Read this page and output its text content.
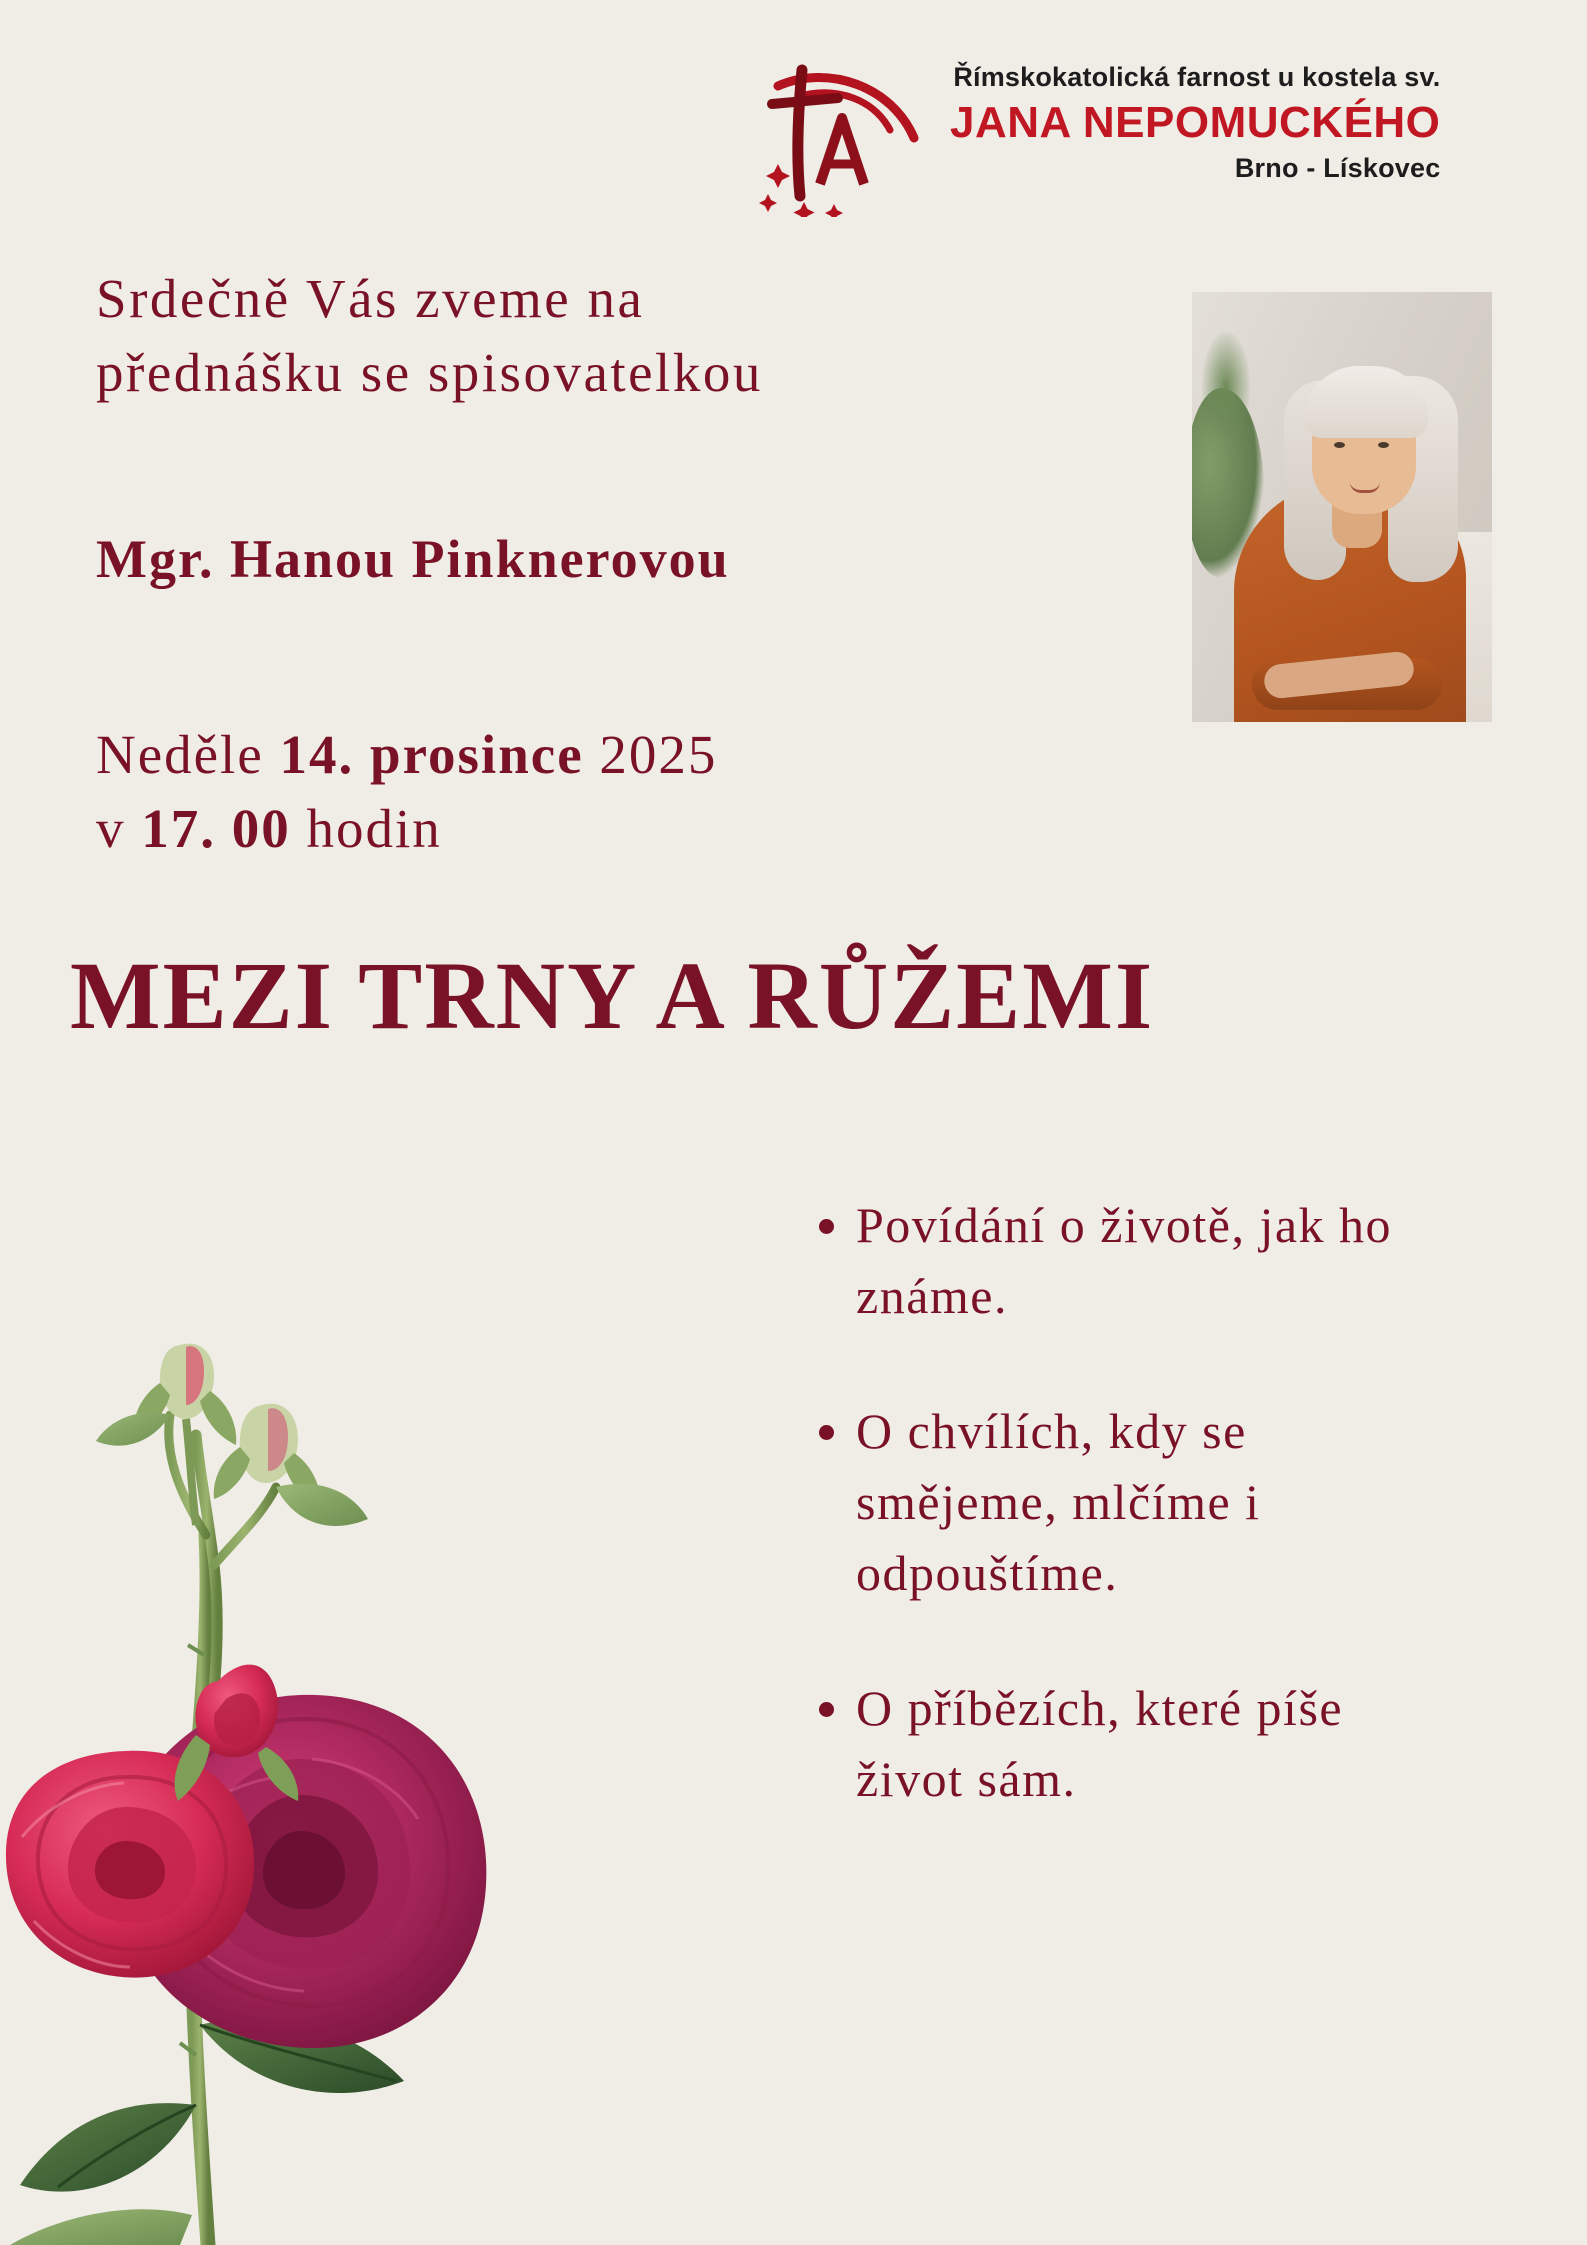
Římskokatolická farnost u kostela sv.
JANA NEPOMUCKÉHO
Brno - Lískovec
Srdečně Vás zveme na
přednášku se spisovatelkou
Mgr. Hanou Pinknerovou
Neděle 14. prosince 2025
v 17. 00 hodin
MEZI TRNY A RŮŽEMI
• Povídání o životě, jak ho známe.
• O chvílích, kdy se smějeme, mlčíme i odpouštíme.
• O příbězích, které píše život sám.
